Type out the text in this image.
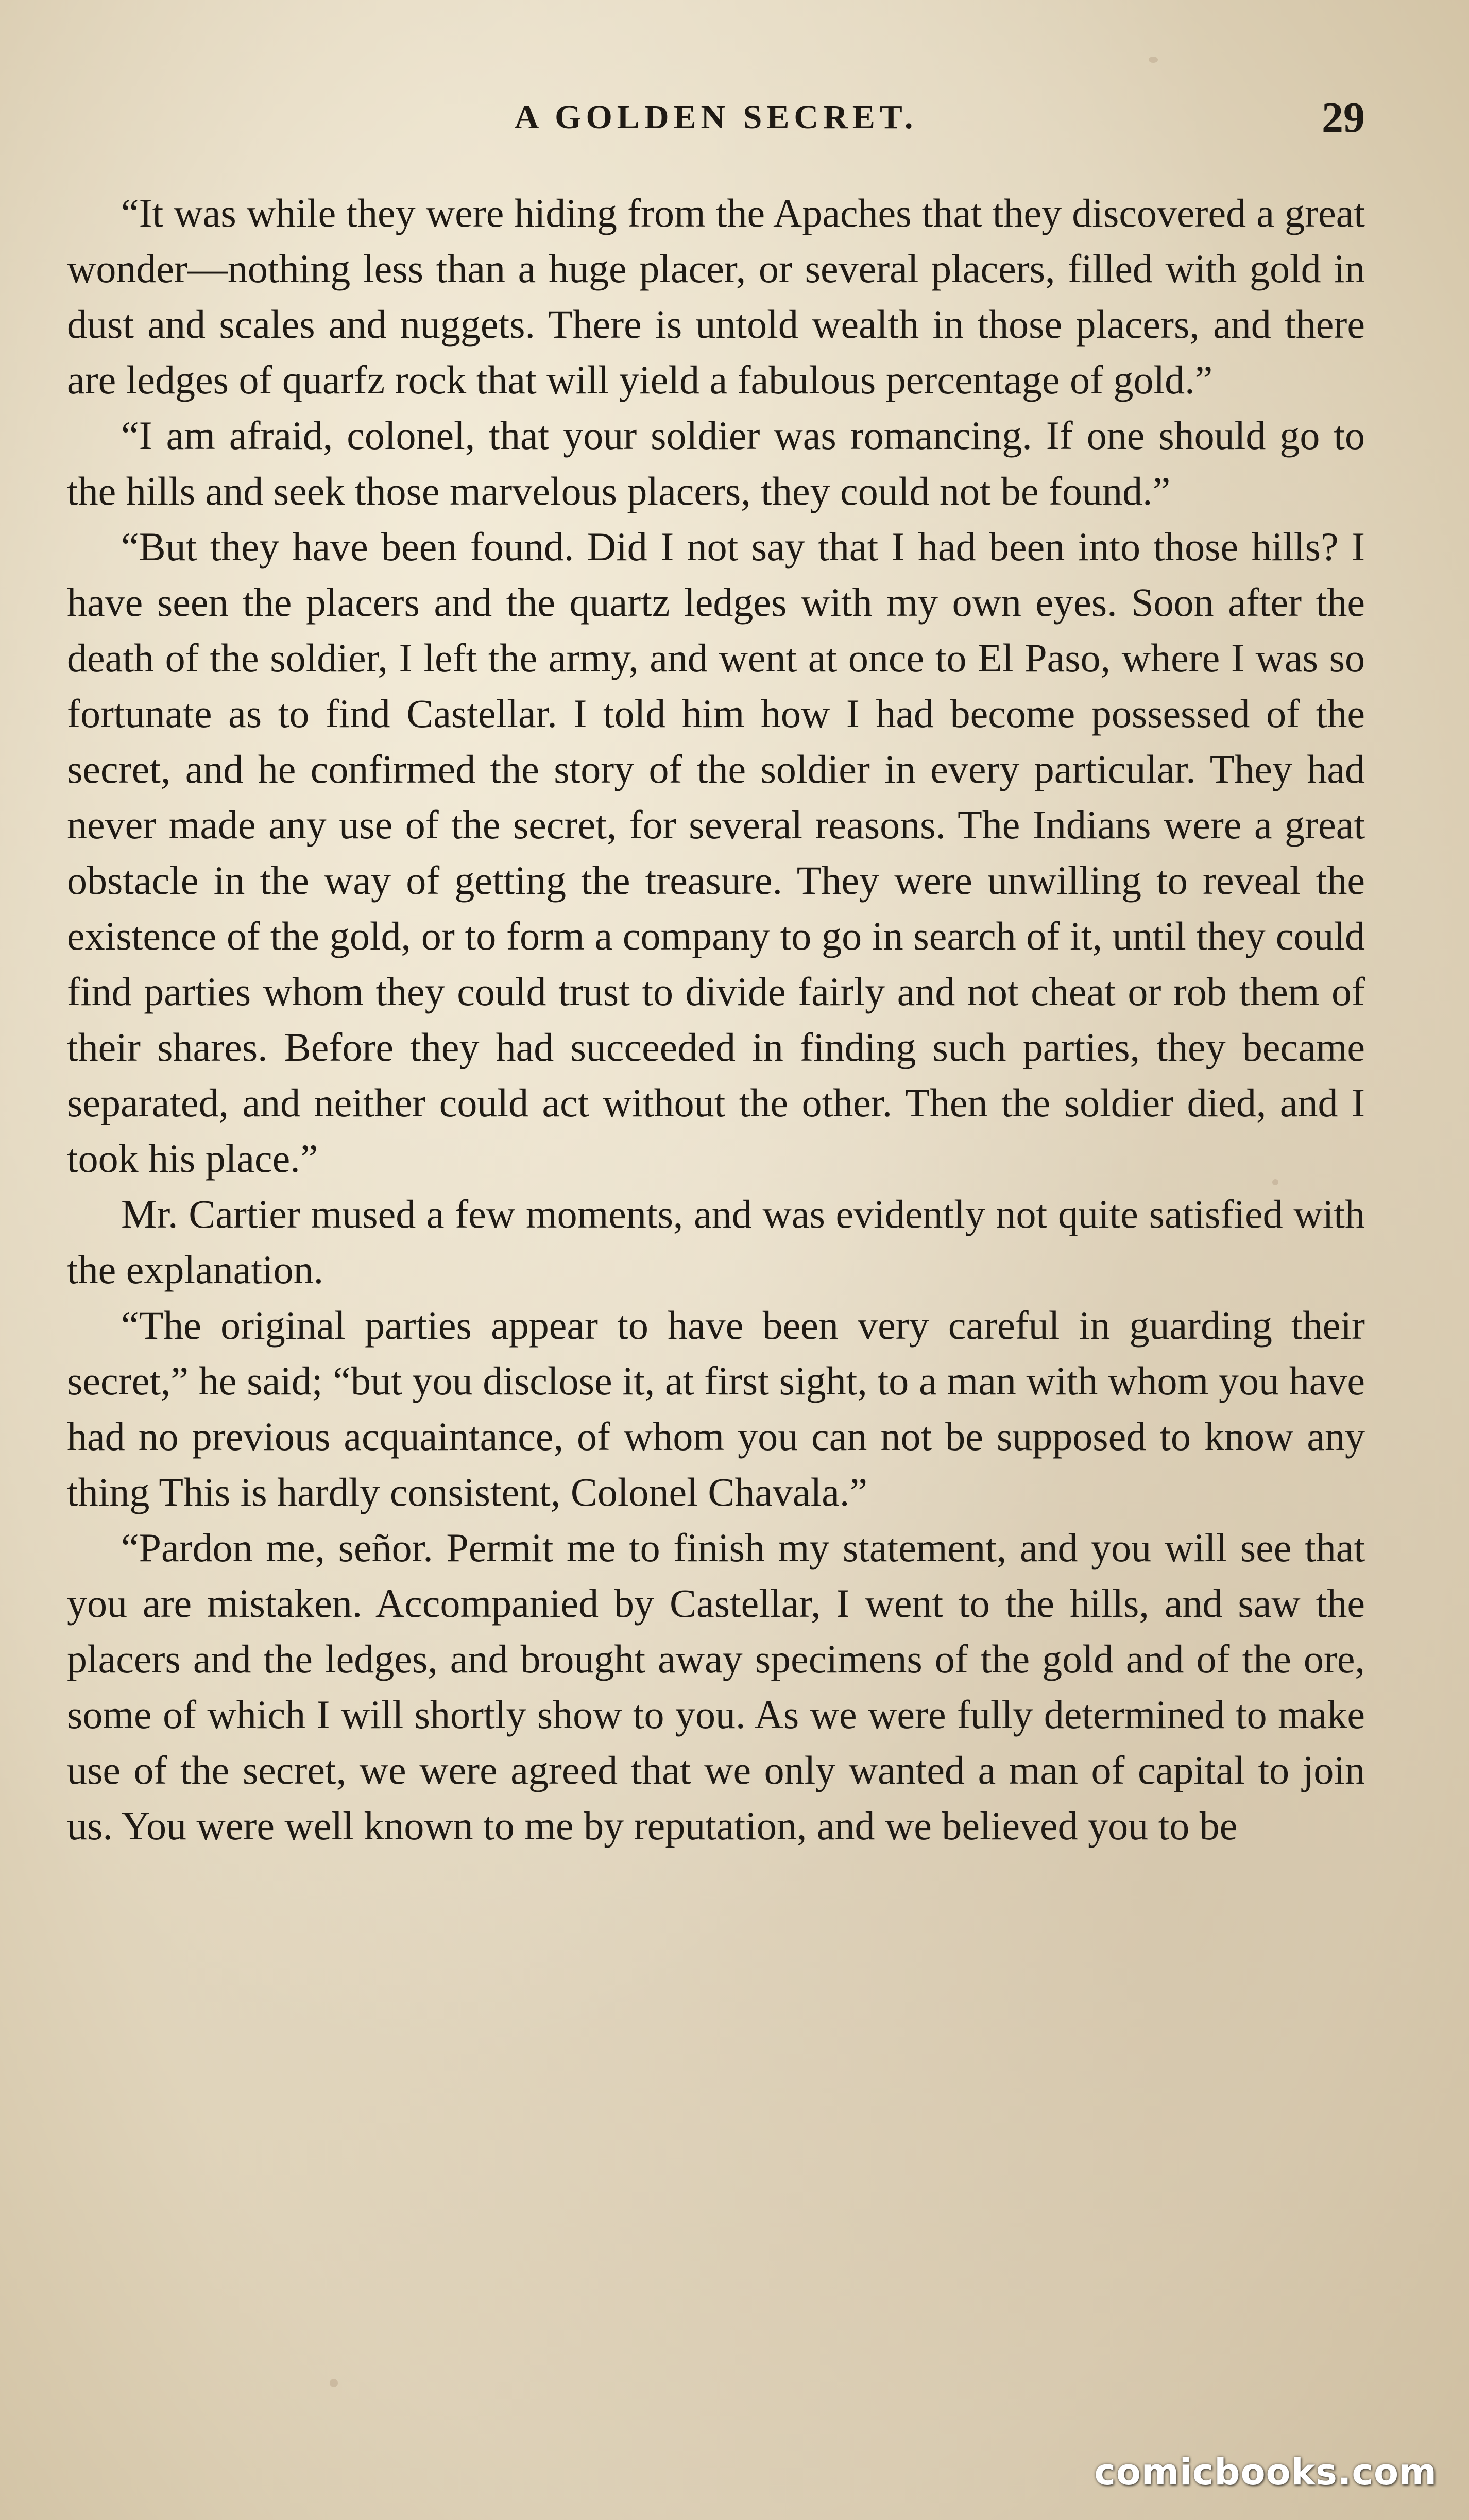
A GOLDEN SECRET.	29

“It was while they were hiding from the Apaches that they discovered a great wonder—nothing less than a huge placer, or several placers, filled with gold in dust and scales and nuggets. There is untold wealth in those placers, and there are ledges of quarfz rock that will yield a fabulous percentage of gold.”

“I am afraid, colonel, that your soldier was romancing. If one should go to the hills and seek those marvelous placers, they could not be found.”

“But they have been found. Did I not say that I had been into those hills? I have seen the placers and the quartz ledges with my own eyes. Soon after the death of the soldier, I left the army, and went at once to El Paso, where I was so fortunate as to find Castellar. I told him how I had become possessed of the secret, and he confirmed the story of the soldier in every particular. They had never made any use of the secret, for several reasons. The Indians were a great obstacle in the way of getting the treasure. They were unwilling to reveal the existence of the gold, or to form a company to go in search of it, until they could find parties whom they could trust to divide fairly and not cheat or rob them of their shares. Before they had succeeded in finding such parties, they became separated, and neither could act without the other. Then the soldier died, and I took his place.”

Mr. Cartier mused a few moments, and was evidently not quite satisfied with the explanation.

“The original parties appear to have been very careful in guarding their secret,” he said; “but you disclose it, at first sight, to a man with whom you have had no previous acquaintance, of whom you can not be supposed to know any thing This is hardly consistent, Colonel Chavala.”

“Pardon me, señor. Permit me to finish my statement, and you will see that you are mistaken. Accompanied by Castellar, I went to the hills, and saw the placers and the ledges, and brought away specimens of the gold and of the ore, some of which I will shortly show to you. As we were fully determined to make use of the secret, we were agreed that we only wanted a man of capital to join us. You were well known to me by reputation, and we believed you to be

comicbooks.com
